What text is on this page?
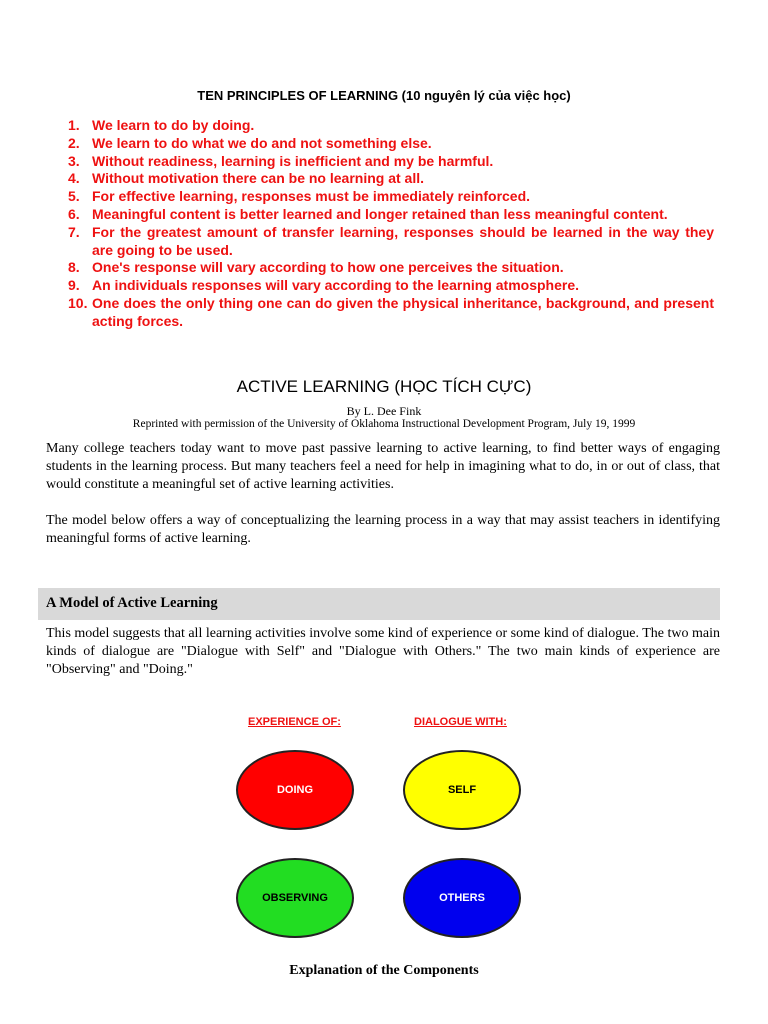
TEN PRINCIPLES OF LEARNING (10 nguyên lý của việc học)
1. We learn to do by doing.
2. We learn to do what we do and not something else.
3. Without readiness, learning is inefficient and my be harmful.
4. Without motivation there can be no learning at all.
5. For effective learning, responses must be immediately reinforced.
6. Meaningful content is better learned and longer retained than less meaningful content.
7. For the greatest amount of transfer learning, responses should be learned in the way they are going to be used.
8. One's response will vary according to how one perceives the situation.
9. An individuals responses will vary according to the learning atmosphere.
10. One does the only thing one can do given the physical inheritance, background, and present acting forces.
ACTIVE LEARNING (HỌC TÍCH CỰC)
By L. Dee Fink
Reprinted with permission of the University of Oklahoma Instructional Development Program, July 19, 1999
Many college teachers today want to move past passive learning to active learning, to find better ways of engaging students in the learning process. But many teachers feel a need for help in imagining what to do, in or out of class, that would constitute a meaningful set of active learning activities.
The model below offers a way of conceptualizing the learning process in a way that may assist teachers in identifying meaningful forms of active learning.
A Model of Active Learning
This model suggests that all learning activities involve some kind of experience or some kind of dialogue. The two main kinds of dialogue are "Dialogue with Self" and "Dialogue with Others." The two main kinds of experience are "Observing" and "Doing."
EXPERIENCE OF:	DIALOGUE WITH:
DOING	SELF
OBSERVING	OTHERS
Explanation of the Components
